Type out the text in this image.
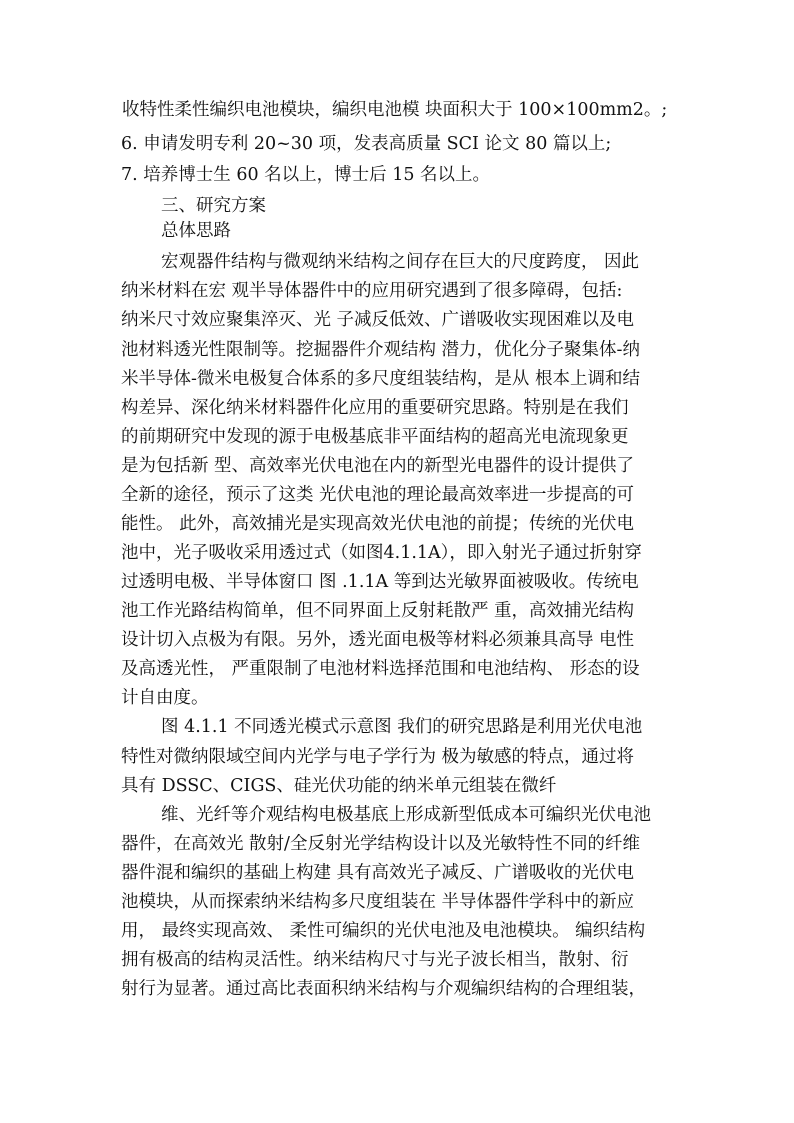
收特性柔性编织电池模块，编织电池模 块面积大于 100×100mm2。;
6. 申请发明专利 20~30 项，发表高质量 SCI 论文 80 篇以上;
7. 培养博士生 60 名以上，博士后 15 名以上。
三、研究方案
总体思路
宏观器件结构与微观纳米结构之间存在巨大的尺度跨度， 因此
纳米材料在宏 观半导体器件中的应用研究遇到了很多障碍，包括:
纳米尺寸效应聚集淬灭、光 子减反低效、广谱吸收实现困难以及电
池材料透光性限制等。挖掘器件介观结构 潜力，优化分子聚集体-纳
米半导体-微米电极复合体系的多尺度组装结构，是从 根本上调和结
构差异、深化纳米材料器件化应用的重要研究思路。特别是在我们
的前期研究中发现的源于电极基底非平面结构的超高光电流现象更
是为包括新 型、高效率光伏电池在内的新型光电器件的设计提供了
全新的途径，预示了这类 光伏电池的理论最高效率进一步提高的可
能性。 此外，高效捕光是实现高效光伏电池的前提；传统的光伏电
池中，光子吸收采用透过式（如图4.1.1A），即入射光子通过折射穿
过透明电极、半导体窗口 图 .1.1A 等到达光敏界面被吸收。传统电
池工作光路结构简单，但不同界面上反射耗散严 重，高效捕光结构
设计切入点极为有限。另外，透光面电极等材料必须兼具高导 电性
及高透光性， 严重限制了电池材料选择范围和电池结构、 形态的设
计自由度。
图 4.1.1 不同透光模式示意图 我们的研究思路是利用光伏电池
特性对微纳限域空间内光学与电子学行为 极为敏感的特点，通过将
具有 DSSC、CIGS、硅光伏功能的纳米单元组装在微纤
维、光纤等介观结构电极基底上形成新型低成本可编织光伏电池
器件，在高效光 散射/全反射光学结构设计以及光敏特性不同的纤维
器件混和编织的基础上构建 具有高效光子减反、广谱吸收的光伏电
池模块，从而探索纳米结构多尺度组装在 半导体器件学科中的新应
用， 最终实现高效、 柔性可编织的光伏电池及电池模块。 编织结构
拥有极高的结构灵活性。纳米结构尺寸与光子波长相当，散射、衍
射行为显著。通过高比表面积纳米结构与介观编织结构的合理组装，
